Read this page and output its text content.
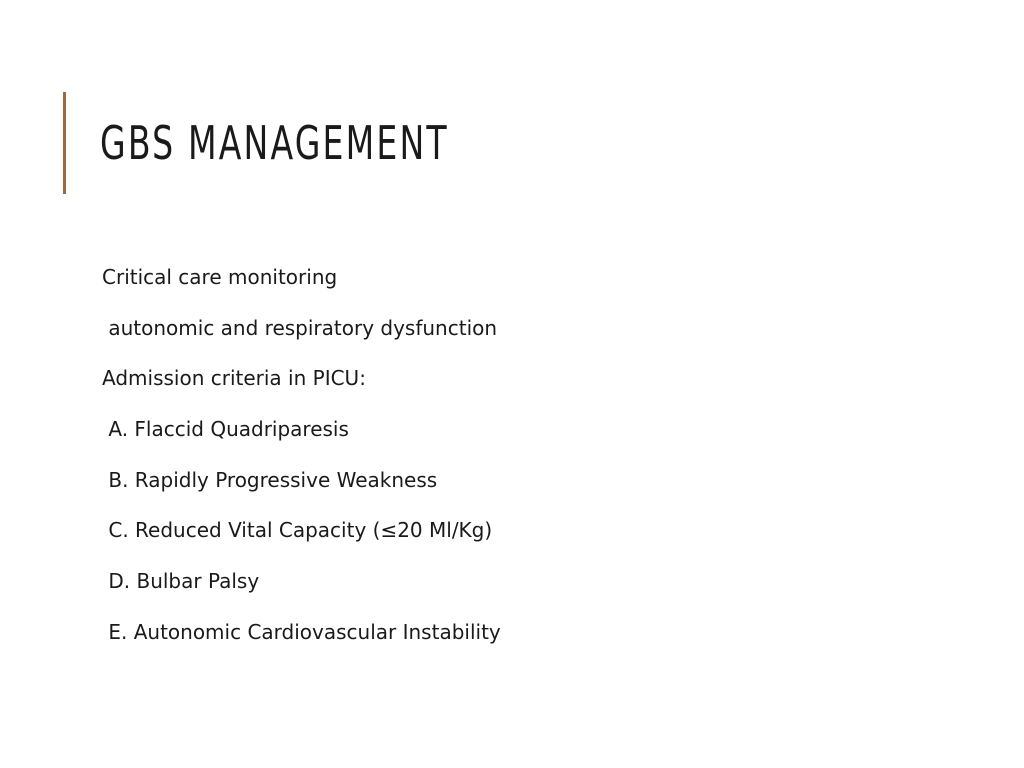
GBS MANAGEMENT
Critical care monitoring
autonomic and respiratory dysfunction
Admission criteria in PICU:
A. Flaccid Quadriparesis
B. Rapidly Progressive Weakness
C. Reduced Vital Capacity (≤20 Ml/Kg)
D. Bulbar Palsy
E. Autonomic Cardiovascular Instability
